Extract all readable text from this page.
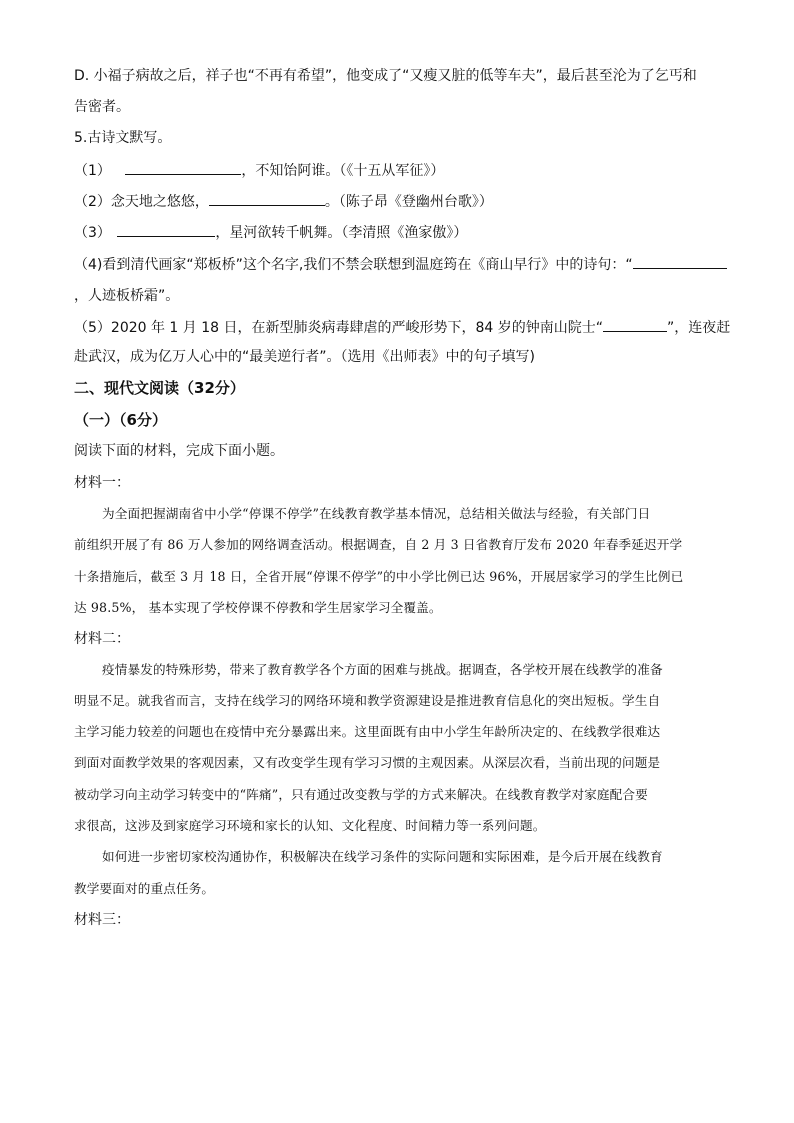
D. 小福子病故之后，祥子也“不再有希望”，他变成了“又瘦又脏的低等车夫”，最后甚至沦为了乞丐和
告密者。
5.古诗文默写。
（1）	，不知饴阿谁。（《十五从军征》）
（2）念天地之悠悠，	。（陈子昂《登幽州台歌》）
（3）	，星河欲转千帆舞。（李清照《渔家傲》）
（4)看到清代画家“郑板桥”这个名字,我们不禁会联想到温庭筠在《商山早行》中的诗句：“
，人迹板桥霜”。
（5）2020 年 1 月 18 日，在新型肺炎病毒肆虐的严峻形势下，84 岁的钟南山院士“	”，连夜赶
赴武汉，成为亿万人心中的“最美逆行者”。（选用《出师表》中的句子填写)
二、现代文阅读（32分）
（一）（6分）
阅读下面的材料，完成下面小题。
材料一：
为全面把握湖南省中小学“停课不停学”在线教育教学基本情况，总结相关做法与经验，有关部门日
前组织开展了有 86 万人参加的网络调查活动。根据调查，自 2 月 3 日省教育厅发布 2020 年春季延迟开学
十条措施后，截至 3 月 18 日，全省开展“停课不停学”的中小学比例已达 96%，开展居家学习的学生比例已
达 98.5%， 基本实现了学校停课不停教和学生居家学习全覆盖。
材料二：
疫情暴发的特殊形势，带来了教育教学各个方面的困难与挑战。据调查，各学校开展在线教学的准备
明显不足。就我省而言，支持在线学习的网络环境和教学资源建设是推进教育信息化的突出短板。学生自
主学习能力较差的问题也在疫情中充分暴露出来。这里面既有由中小学生年龄所决定的、在线教学很难达
到面对面教学效果的客观因素，又有改变学生现有学习习惯的主观因素。从深层次看，当前出现的问题是
被动学习向主动学习转变中的“阵痛”，只有通过改变教与学的方式来解决。在线教育教学对家庭配合要
求很高，这涉及到家庭学习环境和家长的认知、文化程度、时间精力等一系列问题。
如何进一步密切家校沟通协作，积极解决在线学习条件的实际问题和实际困难，是今后开展在线教育
教学要面对的重点任务。
材料三：
